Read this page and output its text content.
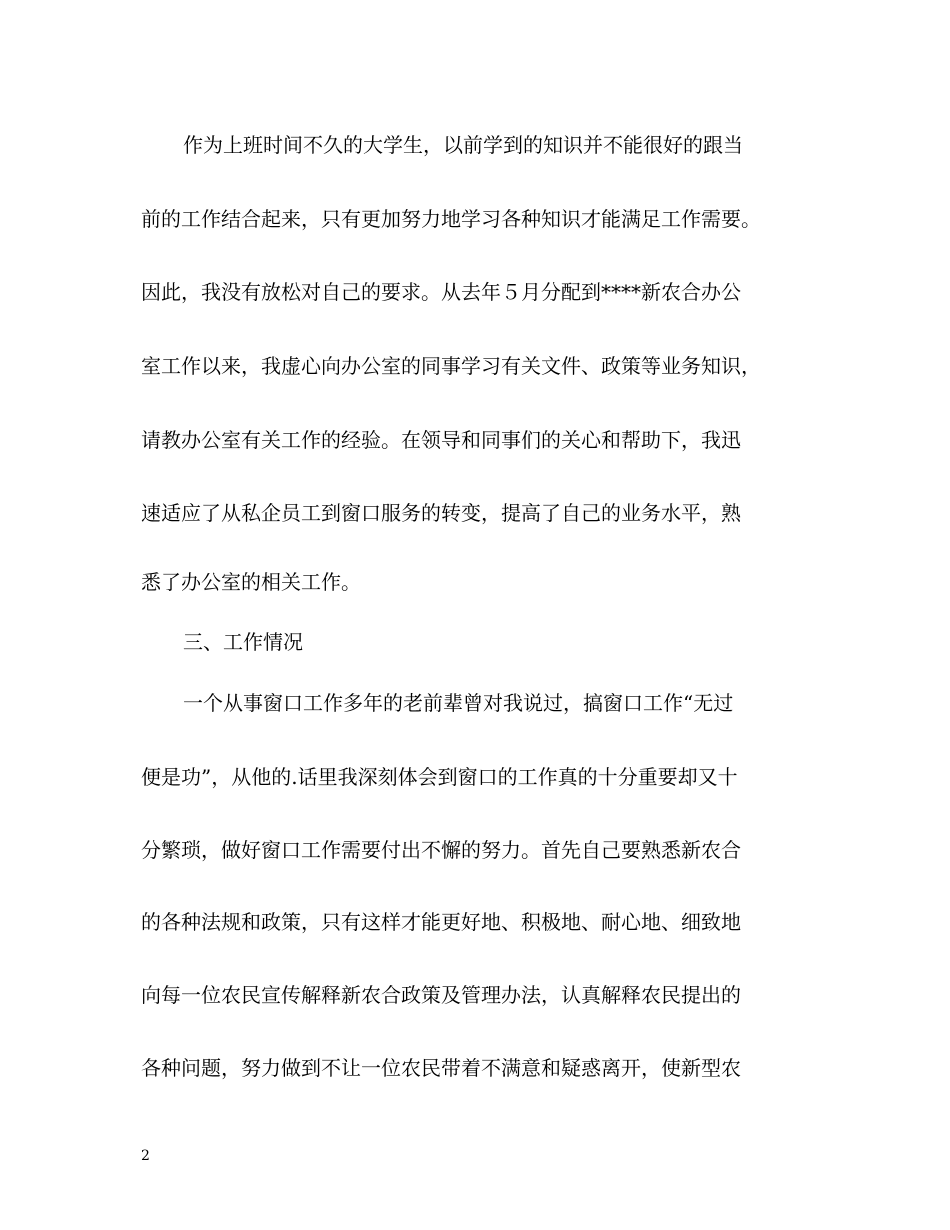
作为上班时间不久的大学生，以前学到的知识并不能很好的跟当
前的工作结合起来，只有更加努力地学习各种知识才能满足工作需要。
因此，我没有放松对自己的要求。从去年５月分配到****新农合办公
室工作以来，我虚心向办公室的同事学习有关文件、政策等业务知识，
请教办公室有关工作的经验。在领导和同事们的关心和帮助下，我迅
速适应了从私企员工到窗口服务的转变，提高了自己的业务水平，熟
悉了办公室的相关工作。
三、工作情况
一个从事窗口工作多年的老前辈曾对我说过，搞窗口工作“无过
便是功”，从他的.话里我深刻体会到窗口的工作真的十分重要却又十
分繁琐，做好窗口工作需要付出不懈的努力。首先自己要熟悉新农合
的各种法规和政策，只有这样才能更好地、积极地、耐心地、细致地
向每一位农民宣传解释新农合政策及管理办法，认真解释农民提出的
各种问题，努力做到不让一位农民带着不满意和疑惑离开，使新型农
2
